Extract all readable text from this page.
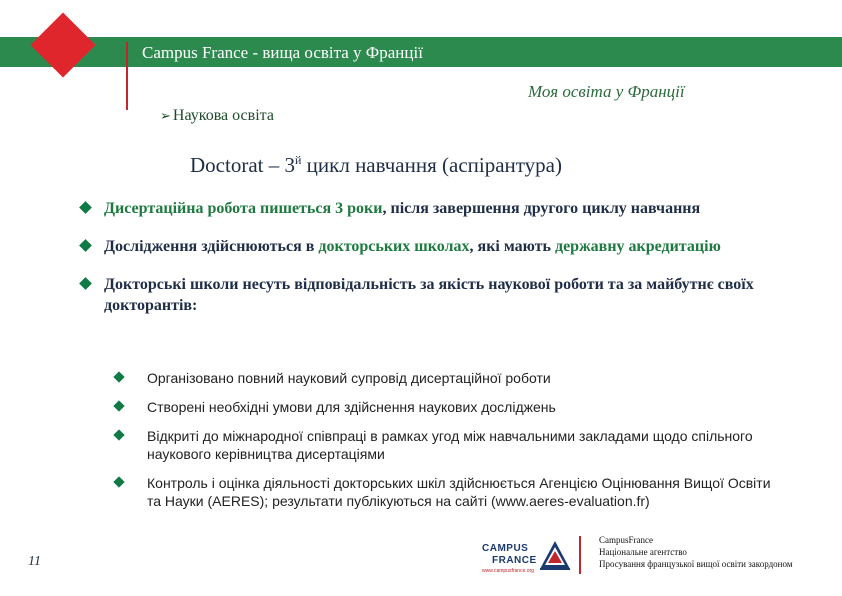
Campus France - вища освіта у Франції
Моя освіта у Франції
➢ Наукова освіта
Doctorat – $3^й$ цикл навчання (аспірантура)
Дисертаційна робота пишеться 3 роки, після завершення другого циклу навчання
Дослідження здійснюються в докторських школах, які мають державну акредитацію
Докторські школи несуть відповідальність за якість наукової роботи та за майбутнє своїх докторантів:
Організовано повний науковий супровід дисертаційної роботи
Створені необхідні умови для здійснення наукових досліджень
Відкриті до міжнародної співпраці в рамках угод між навчальними закладами щодо спільного наукового керівництва дисертаціями
Контроль і оцінка діяльності докторських шкіл здійснюється Агенцією Оцінювання Вищої Освіти та Науки (AERES); результати публікуються на сайті (www.aeres-evaluation.fr)
11
CAMPUS
FRANCE
www.campusfrance.org
CampusFrance
Національне агентство
Просування французької вищої освіти закордоном
